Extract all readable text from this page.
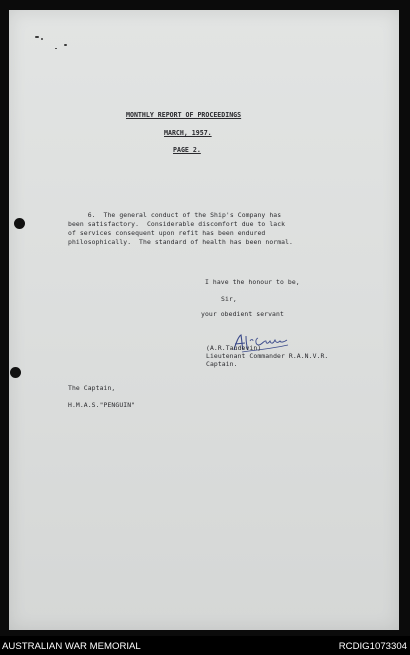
MONTHLY REPORT OF PROCEEDINGS
MARCH, 1957.
PAGE 2.
6.  The general conduct of the Ship's Company has
been satisfactory.  Considerable discomfort due to lack
of services consequent upon refit has been endured
philosophically.  The standard of health has been normal.
I have the honour to be,
Sir,
your obedient servant
(A.R.Taudevin)
Lieutenant Commander R.A.N.V.R.
Captain.
The Captain,
H.M.A.S."PENGUIN"
AUSTRALIAN WAR MEMORIAL	RCDIG1073304
